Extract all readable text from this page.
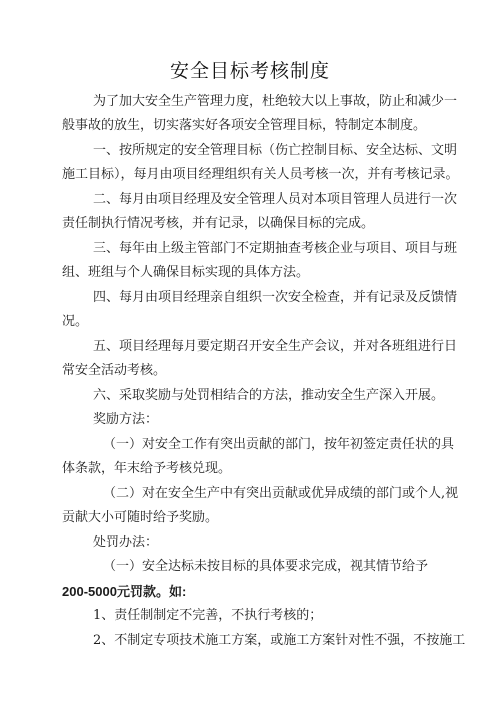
安全目标考核制度
为了加大安全生产管理力度，杜绝较大以上事故，防止和减少一
般事故的放生，切实落实好各项安全管理目标，特制定本制度。
一、按所规定的安全管理目标（伤亡控制目标、安全达标、文明
施工目标），每月由项目经理组织有关人员考核一次，并有考核记录。
二、每月由项目经理及安全管理人员对本项目管理人员进行一次
责任制执行情况考核，并有记录，以确保目标的完成。
三、每年由上级主管部门不定期抽查考核企业与项目、项目与班
组、班组与个人确保目标实现的具体方法。
四、每月由项目经理亲自组织一次安全检查，并有记录及反馈情
况。
五、项目经理每月要定期召开安全生产会议，并对各班组进行日
常安全活动考核。
六、采取奖励与处罚相结合的方法，推动安全生产深入开展。
奖励方法：
（一）对安全工作有突出贡献的部门，按年初签定责任状的具
体条款，年末给予考核兑现。
（二）对在安全生产中有突出贡献或优异成绩的部门或个人,视
贡献大小可随时给予奖励。
处罚办法：
（一）安全达标未按目标的具体要求完成，视其情节给予
200-5000元罚款。如:
1、责任制制定不完善，不执行考核的；
2、不制定专项技术施工方案，或施工方案针对性不强，不按施工
